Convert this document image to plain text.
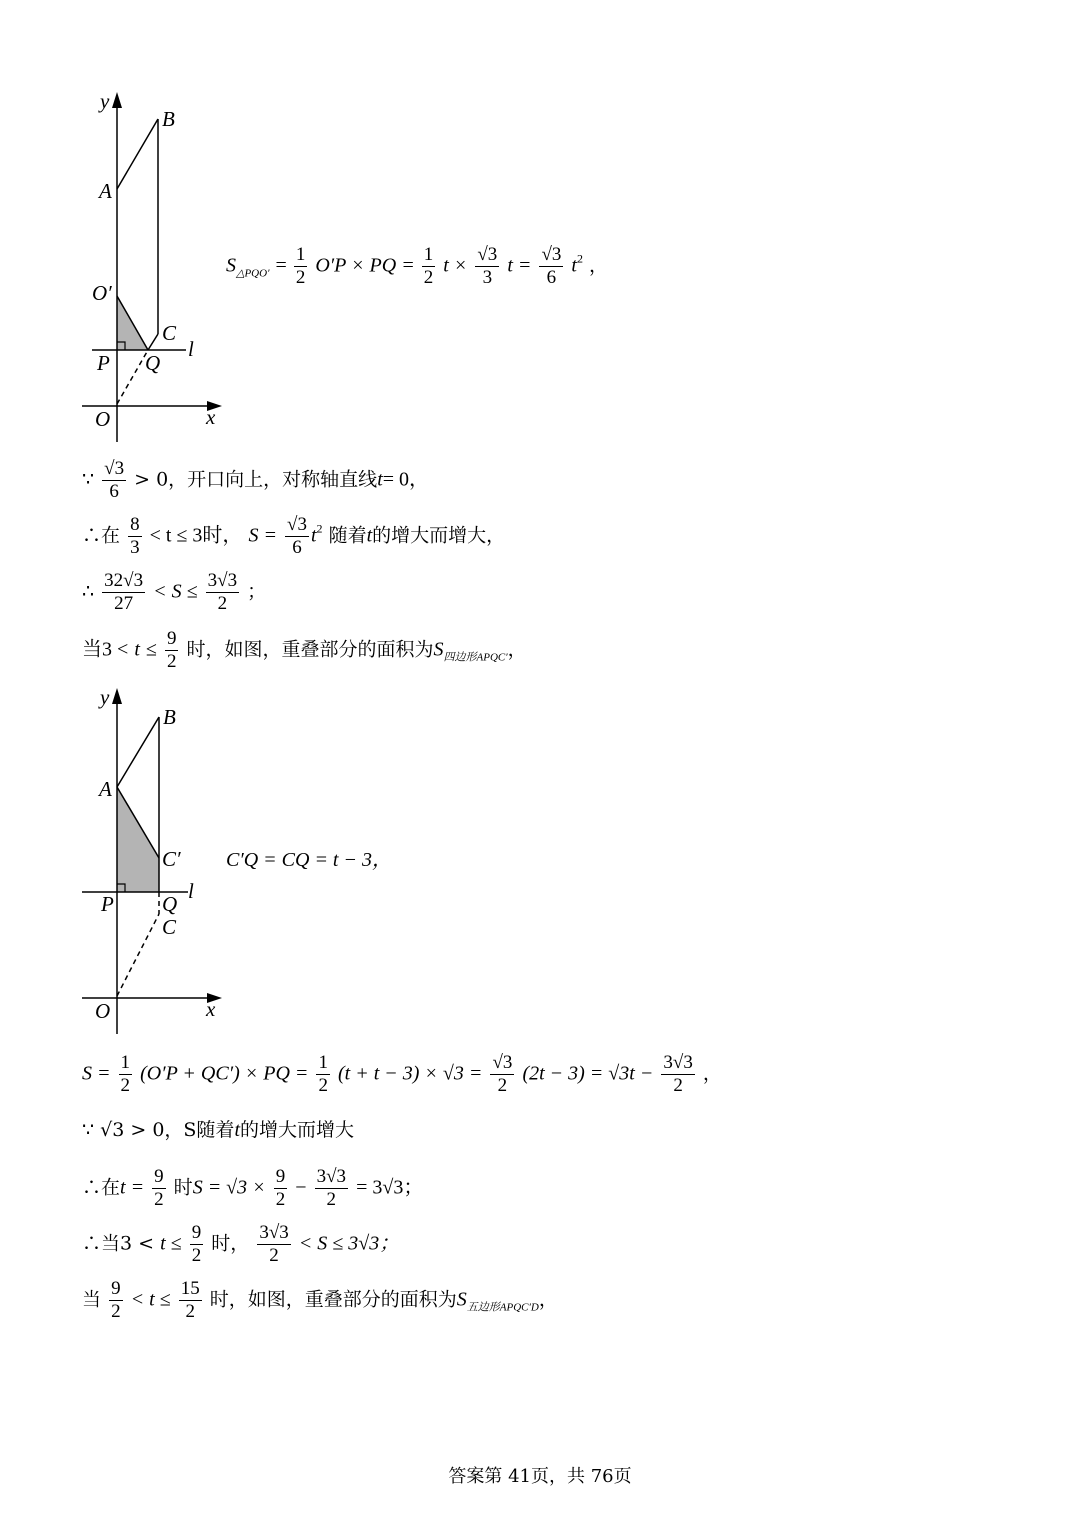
y
B
A
O′
C
l
P Q
O	x
$S_{\triangle PQO'} = \frac{1}{2} O'P$ × PQ = $\frac{1}{2}$ $t \times \frac{√3}{3}$ $t = \frac{√3}{6} t^2$ ，
∵ $\frac{√3}{6} > 0$，开口向上，对称轴直线t= 0，
∴在 $\frac{8}{3} < t \le 3$时， $S = \frac{√3}{6} t^2$ 随着t的增大而增大，
∴ $\frac{32√3}{27} < S \le \frac{3√3}{2}$ ；
当$3 < t \le \frac{9}{2}$ 时，如图，重叠部分的面积为$S_{四边形APQC'}$，
y
B
A
C′
l
P Q
C
O	x
C′Q = CQ = t − 3，
$S = \frac{1}{2} (O'P + QC')$ × PQ = $\frac{1}{2} (t + t - 3) \times √3 = \frac{√3}{2} (2t - 3) = √3t - \frac{3√3}{2}$ ，
∵ √3 > 0，S随着t的增大而增大
∴在$t = \frac{9}{2}$ 时$S = √3 \times \frac{9}{2} - \frac{3√3}{2} = 3√3$；
∴当$3 < t \le \frac{9}{2}$ 时， $\frac{3√3}{2} < S \le 3√3$；
当 $\frac{9}{2} < t \le \frac{15}{2}$ 时，如图，重叠部分的面积为$S_{五边形APQC'D}$，
答案第 41页，共 76页
